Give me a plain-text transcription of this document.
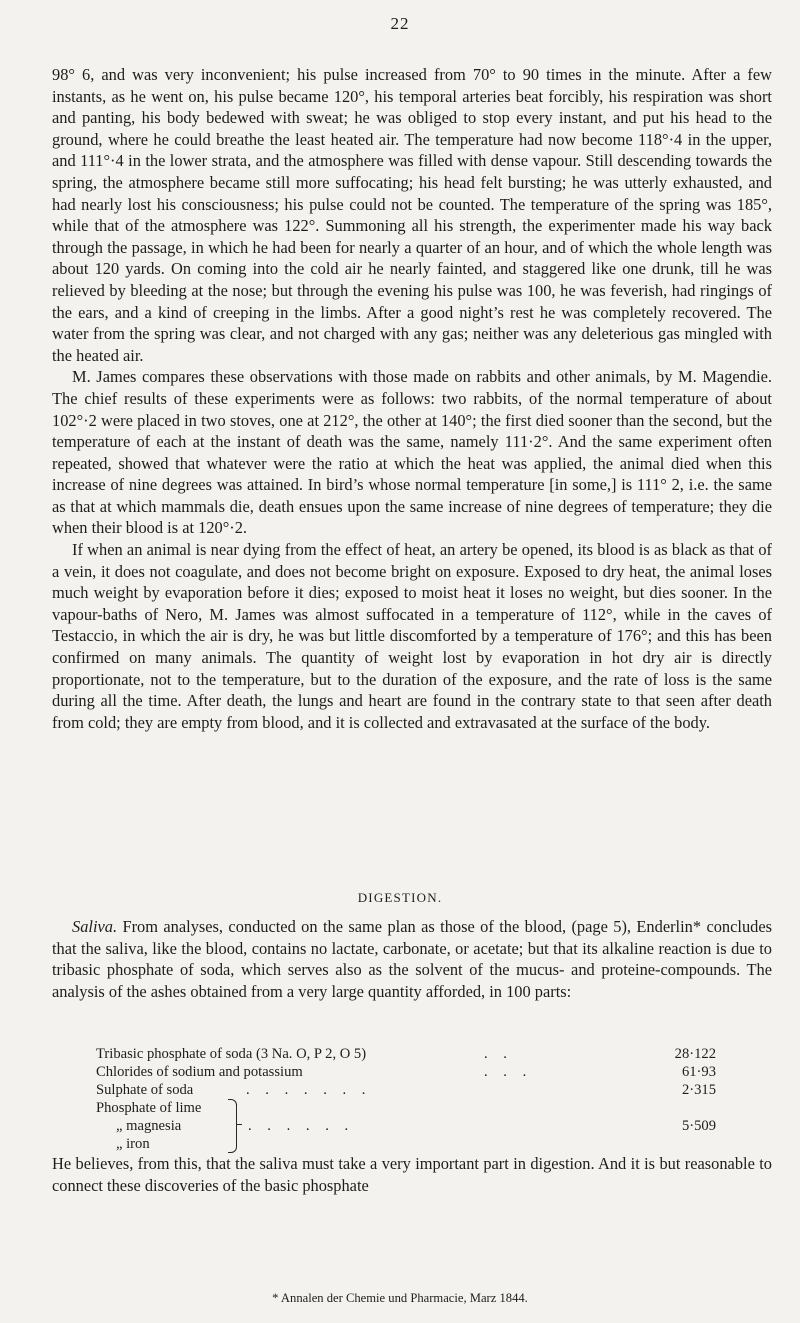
22

98° 6, and was very inconvenient; his pulse increased from 70° to 90 times in the minute. After a few instants, as he went on, his pulse became 120°, his temporal arteries beat forcibly, his respiration was short and panting, his body bedewed with sweat; he was obliged to stop every instant, and put his head to the ground, where he could breathe the least heated air. The temperature had now become 118°·4 in the upper, and 111°·4 in the lower strata, and the atmosphere was filled with dense vapour. Still descending towards the spring, the atmosphere became still more suffocating; his head felt bursting; he was utterly exhausted, and had nearly lost his consciousness; his pulse could not be counted. The temperature of the spring was 185°, while that of the atmosphere was 122°. Summoning all his strength, the experimenter made his way back through the passage, in which he had been for nearly a quarter of an hour, and of which the whole length was about 120 yards. On coming into the cold air he nearly fainted, and staggered like one drunk, till he was relieved by bleeding at the nose; but through the evening his pulse was 100, he was feverish, had ringings of the ears, and a kind of creeping in the limbs. After a good night’s rest he was completely recovered. The water from the spring was clear, and not charged with any gas; neither was any deleterious gas mingled with the heated air.

M. James compares these observations with those made on rabbits and other animals, by M. Magendie. The chief results of these experiments were as follows: two rabbits, of the normal temperature of about 102°·2 were placed in two stoves, one at 212°, the other at 140°; the first died sooner than the second, but the temperature of each at the instant of death was the same, namely 111·2°. And the same experiment often repeated, showed that whatever were the ratio at which the heat was applied, the animal died when this increase of nine degrees was attained. In bird’s whose normal temperature [in some,] is 111° 2, i.e. the same as that at which mammals die, death ensues upon the same increase of nine degrees of temperature; they die when their blood is at 120°·2.

If when an animal is near dying from the effect of heat, an artery be opened, its blood is as black as that of a vein, it does not coagulate, and does not become bright on exposure. Exposed to dry heat, the animal loses much weight by evaporation before it dies; exposed to moist heat it loses no weight, but dies sooner. In the vapour-baths of Nero, M. James was almost suffocated in a temperature of 112°, while in the caves of Testaccio, in which the air is dry, he was but little discomforted by a temperature of 176°; and this has been confirmed on many animals. The quantity of weight lost by evaporation in hot dry air is directly proportionate, not to the temperature, but to the duration of the exposure, and the rate of loss is the same during all the time. After death, the lungs and heart are found in the contrary state to that seen after death from cold; they are empty from blood, and it is collected and extravasated at the surface of the body.

DIGESTION.

Saliva. From analyses, conducted on the same plan as those of the blood, (page 5), Enderlin* concludes that the saliva, like the blood, contains no lactate, carbonate, or acetate; but that its alkaline reaction is due to tribasic phosphate of soda, which serves also as the solvent of the mucus- and proteine-compounds. The analysis of the ashes obtained from a very large quantity afforded, in 100 parts:

Tribasic phosphate of soda (3 Na. O, P 2, O 5)	. .	28·122
Chlorides of sodium and potassium	. . .	61·93
Sulphate of soda	. . . . . . .	2·315
Phosphate of lime
„ magnesia	. . . . . .	5·509
„ iron

He believes, from this, that the saliva must take a very important part in digestion. And it is but reasonable to connect these discoveries of the basic phosphate

* Annalen der Chemie und Pharmacie, Marz 1844.
